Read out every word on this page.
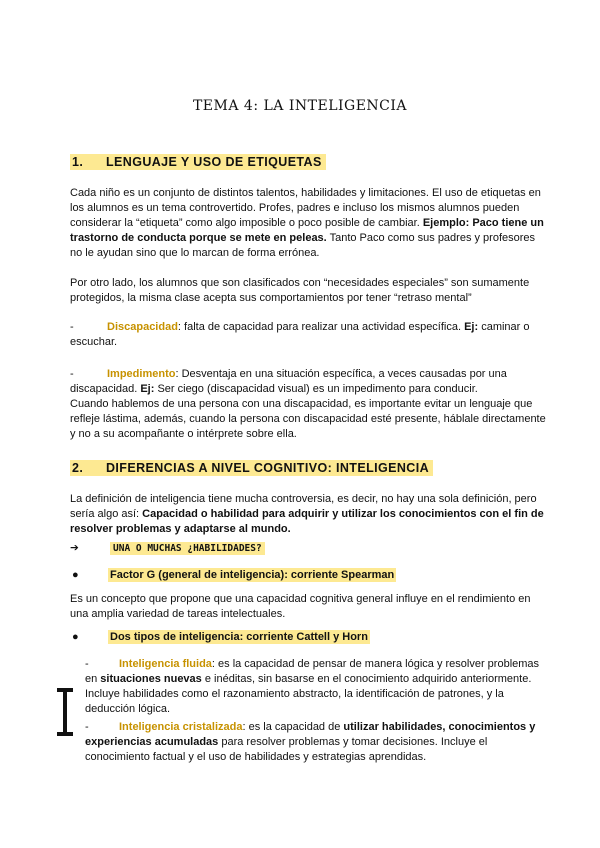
TEMA 4: LA INTELIGENCIA
1. LENGUAJE Y USO DE ETIQUETAS
Cada niño es un conjunto de distintos talentos, habilidades y limitaciones. El uso de etiquetas en los alumnos es un tema controvertido. Profes, padres e incluso los mismos alumnos pueden considerar la “etiqueta” como algo imposible o poco posible de cambiar. Ejemplo: Paco tiene un trastorno de conducta porque se mete en peleas. Tanto Paco como sus padres y profesores no le ayudan sino que lo marcan de forma errónea.
Por otro lado, los alumnos que son clasificados con “necesidades especiales” son sumamente protegidos, la misma clase acepta sus comportamientos por tener “retraso mental”
-	Discapacidad: falta de capacidad para realizar una actividad específica. Ej: caminar o escuchar.
-	Impedimento: Desventaja en una situación específica, a veces causadas por una discapacidad. Ej: Ser ciego (discapacidad visual) es un impedimento para conducir.
Cuando hablemos de una persona con una discapacidad, es importante evitar un lenguaje que refleje lástima, además, cuando la persona con discapacidad esté presente, háblale directamente y no a su acompañante o intérprete sobre ella.
2. DIFERENCIAS A NIVEL COGNITIVO: INTELIGENCIA
La definición de inteligencia tiene mucha controversia, es decir, no hay una sola definición, pero sería algo así: Capacidad o habilidad para adquirir y utilizar los conocimientos con el fin de resolver problemas y adaptarse al mundo.
➔	UNA O MUCHAS ¿HABILIDADES?
●	Factor G (general de inteligencia): corriente Spearman
Es un concepto que propone que una capacidad cognitiva general influye en el rendimiento en una amplia variedad de tareas intelectuales.
●	Dos tipos de inteligencia: corriente Cattell y Horn
-	Inteligencia fluida: es la capacidad de pensar de manera lógica y resolver problemas en situaciones nuevas e inéditas, sin basarse en el conocimiento adquirido anteriormente. Incluye habilidades como el razonamiento abstracto, la identificación de patrones, y la deducción lógica.
-	Inteligencia cristalizada: es la capacidad de utilizar habilidades, conocimientos y experiencias acumuladas para resolver problemas y tomar decisiones. Incluye el conocimiento factual y el uso de habilidades y estrategias aprendidas.
